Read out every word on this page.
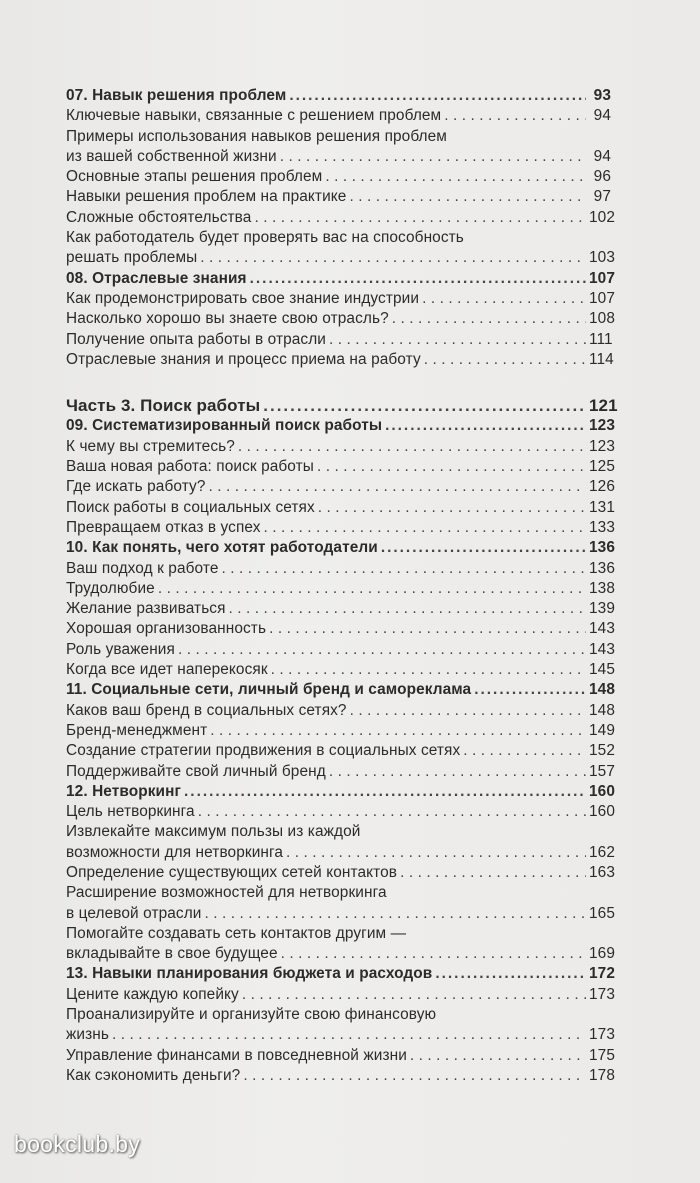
07. Навык решения проблем .....	93
Ключевые навыки, связанные с решением проблем . . .	94
Примеры использования навыков решения проблем
из вашей собственной жизни . . .	94
Основные этапы решения проблем . . .	96
Навыки решения проблем на практике . . .	97
Сложные обстоятельства . . .	102
Как работодатель будет проверять вас на способность
решать проблемы . . .	103
08. Отраслевые знания .....	107
Как продемонстрировать свое знание индустрии . . .	107
Насколько хорошо вы знаете свою отрасль? . . .	108
Получение опыта работы в отрасли . . .	111
Отраслевые знания и процесс приема на работу . . .	114
Часть 3. Поиск работы .....	121
09. Систематизированный поиск работы .....	123
К чему вы стремитесь? . . .	123
Ваша новая работа: поиск работы . . .	125
Где искать работу? . . .	126
Поиск работы в социальных сетях . . .	131
Превращаем отказ в успех . . .	133
10. Как понять, чего хотят работодатели .....	136
Ваш подход к работе . . .	136
Трудолюбие . . .	138
Желание развиваться . . .	139
Хорошая организованность . . .	143
Роль уважения . . .	143
Когда все идет наперекосяк . . .	145
11. Социальные сети, личный бренд и самореклама .....	148
Каков ваш бренд в социальных сетях? . . .	148
Бренд-менеджмент . . .	149
Создание стратегии продвижения в социальных сетях . . .	152
Поддерживайте свой личный бренд . . .	157
12. Нетворкинг .....	160
Цель нетворкинга . . .	160
Извлекайте максимум пользы из каждой
возможности для нетворкинга . . .	162
Определение существующих сетей контактов . . .	163
Расширение возможностей для нетворкинга
в целевой отрасли . . .	165
Помогайте создавать сеть контактов другим —
вкладывайте в свое будущее . . .	169
13. Навыки планирования бюджета и расходов .....	172
Цените каждую копейку . . .	173
Проанализируйте и организуйте свою финансовую
жизнь . . .	173
Управление финансами в повседневной жизни . . .	175
Как сэкономить деньги? . . .	178
bookclub.by
